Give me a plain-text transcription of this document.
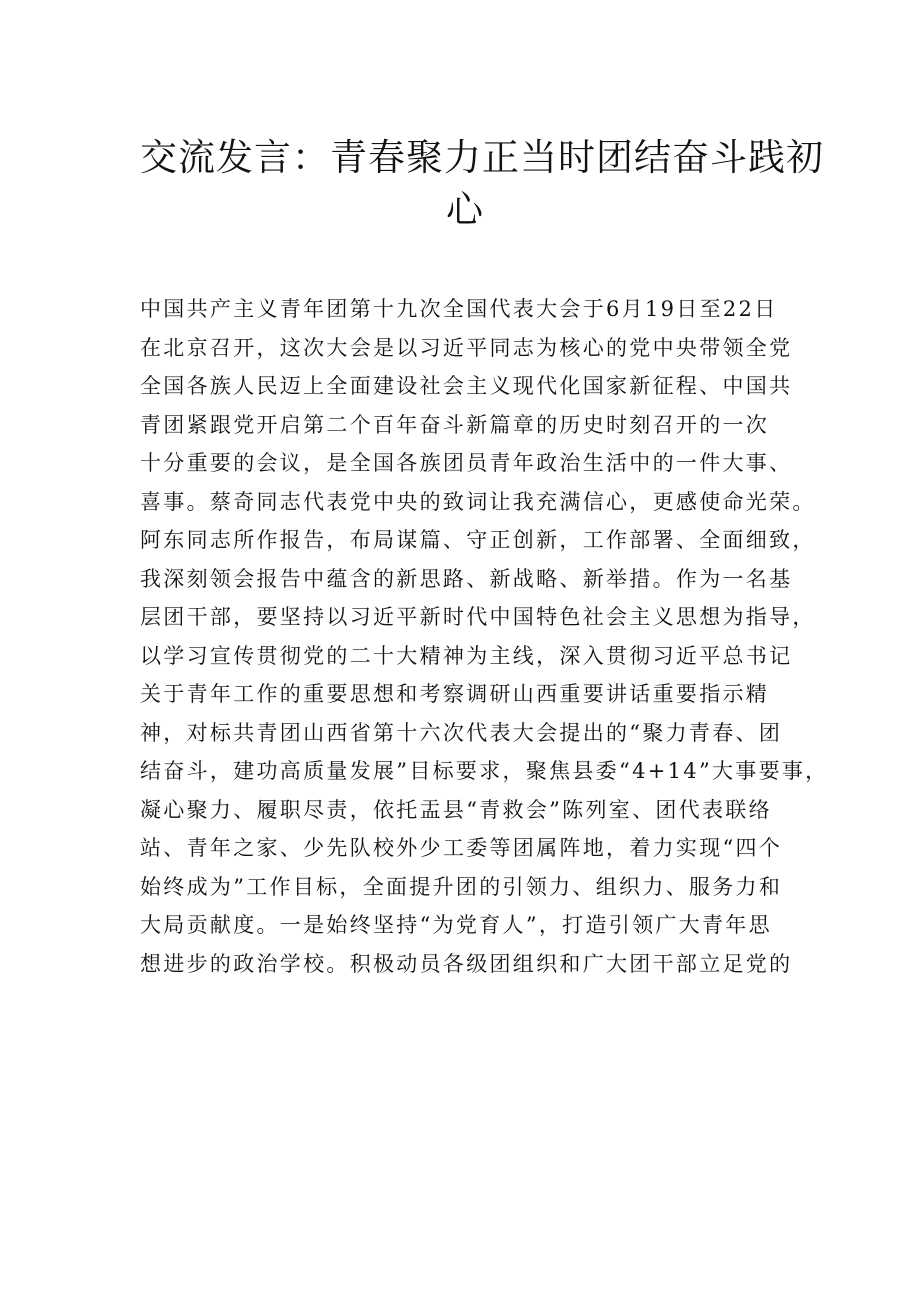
交流发言：青春聚力正当时团结奋斗践初
心
中国共产主义青年团第十九次全国代表大会于6月19日至22日
在北京召开，这次大会是以习近平同志为核心的党中央带领全党
全国各族人民迈上全面建设社会主义现代化国家新征程、中国共
青团紧跟党开启第二个百年奋斗新篇章的历史时刻召开的一次
十分重要的会议，是全国各族团员青年政治生活中的一件大事、
喜事。蔡奇同志代表党中央的致词让我充满信心，更感使命光荣。
阿东同志所作报告，布局谋篇、守正创新，工作部署、全面细致，
我深刻领会报告中蕴含的新思路、新战略、新举措。作为一名基
层团干部，要坚持以习近平新时代中国特色社会主义思想为指导，
以学习宣传贯彻党的二十大精神为主线，深入贯彻习近平总书记
关于青年工作的重要思想和考察调研山西重要讲话重要指示精
神，对标共青团山西省第十六次代表大会提出的“聚力青春、团
结奋斗，建功高质量发展”目标要求，聚焦县委“4+14”大事要事，
凝心聚力、履职尽责，依托盂县“青救会”陈列室、团代表联络
站、青年之家、少先队校外少工委等团属阵地，着力实现“四个
始终成为”工作目标，全面提升团的引领力、组织力、服务力和
大局贡献度。一是始终坚持“为党育人”，打造引领广大青年思
想进步的政治学校。积极动员各级团组织和广大团干部立足党的
